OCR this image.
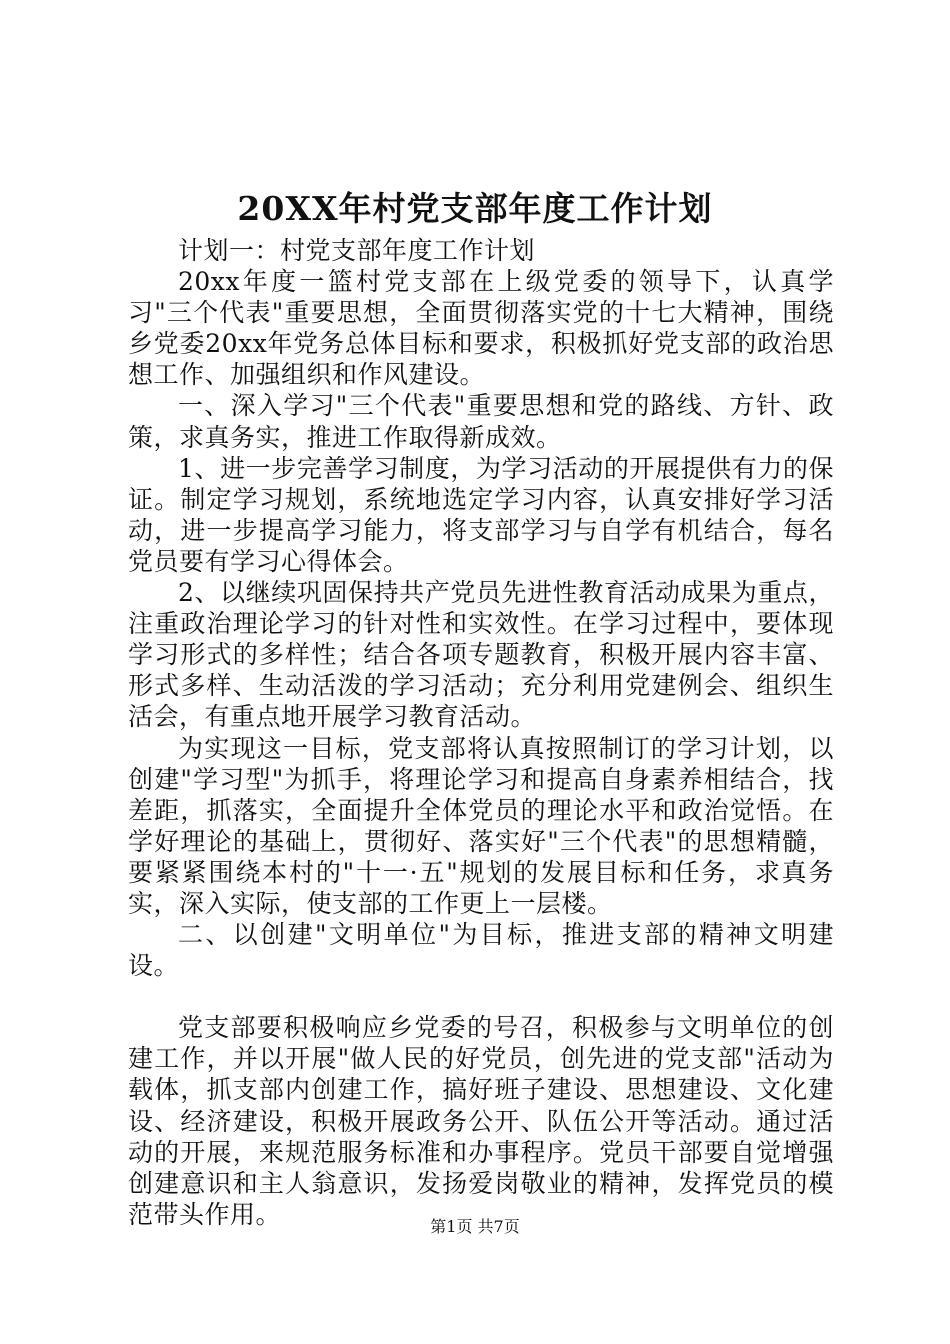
20XX年村党支部年度工作计划

计划一：村党支部年度工作计划

20xx年度一篮村党支部在上级党委的领导下，认真学习"三个代表"重要思想，全面贯彻落实党的十七大精神，围绕乡党委20xx年党务总体目标和要求，积极抓好党支部的政治思想工作、加强组织和作风建设。

一、深入学习"三个代表"重要思想和党的路线、方针、政策，求真务实，推进工作取得新成效。

1、进一步完善学习制度，为学习活动的开展提供有力的保证。制定学习规划，系统地选定学习内容，认真安排好学习活动，进一步提高学习能力，将支部学习与自学有机结合，每名党员要有学习心得体会。

2、以继续巩固保持共产党员先进性教育活动成果为重点，注重政治理论学习的针对性和实效性。在学习过程中，要体现学习形式的多样性；结合各项专题教育，积极开展内容丰富、形式多样、生动活泼的学习活动；充分利用党建例会、组织生活会，有重点地开展学习教育活动。

为实现这一目标，党支部将认真按照制订的学习计划，以创建"学习型"为抓手，将理论学习和提高自身素养相结合，找差距，抓落实，全面提升全体党员的理论水平和政治觉悟。在学好理论的基础上，贯彻好、落实好"三个代表"的思想精髓，要紧紧围绕本村的"十一·五"规划的发展目标和任务，求真务实，深入实际，使支部的工作更上一层楼。

二、以创建"文明单位"为目标，推进支部的精神文明建设。

党支部要积极响应乡党委的号召，积极参与文明单位的创建工作，并以开展"做人民的好党员，创先进的党支部"活动为载体，抓支部内创建工作，搞好班子建设、思想建设、文化建设、经济建设，积极开展政务公开、队伍公开等活动。通过活动的开展，来规范服务标准和办事程序。党员干部要自觉增强创建意识和主人翁意识，发扬爱岗敬业的精神，发挥党员的模范带头作用。	第1页 共7页
